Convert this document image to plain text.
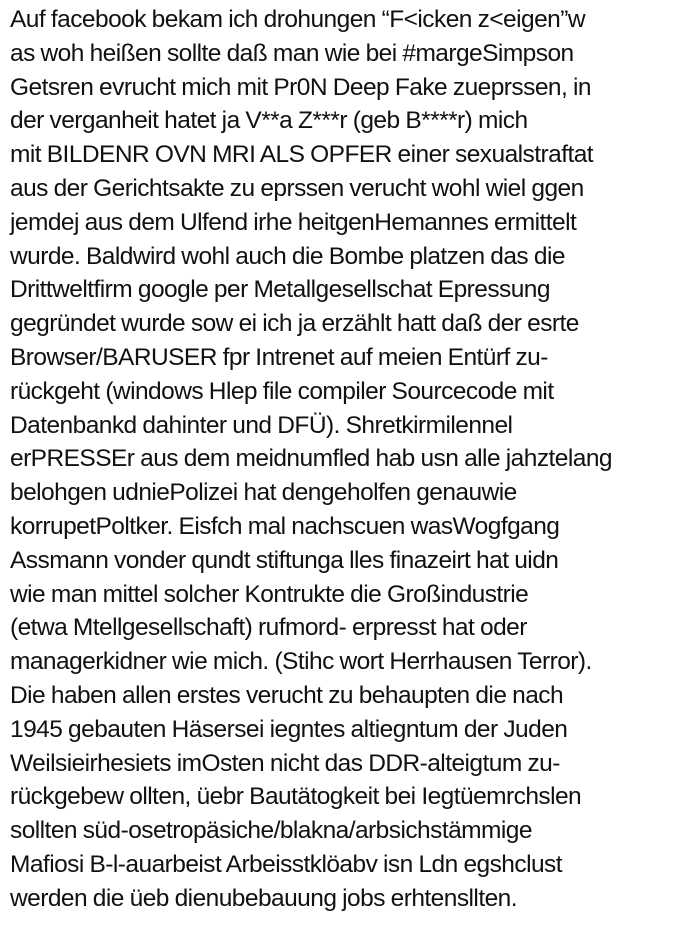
Auf facebook bekam ich drohungen “F<icken z<eigen”w
as woh heißen sollte daß man wie bei #margeSimpson
Getsren evrucht mich mit Pr0N Deep Fake zueprssen, in
der verganheit hatet ja V**a Z***r (geb B****r) mich
mit BILDENR OVN MRI ALS OPFER einer sexualstraftat
aus der Gerichtsakte zu eprssen verucht wohl wiel ggen
jemdej aus dem Ulfend irhe heitgenHemannes ermittelt
wurde. Baldwird wohl auch die Bombe platzen das die
Drittweltfirm google per Metallgesellschat Epressung
gegründet wurde sow ei ich ja erzählt hatt daß der esrte
Browser/BARUSER fpr Intrenet auf meien Entürf zu-
rückgeht (windows Hlep file compiler Sourcecode mit
Datenbankd dahinter und DFÜ). Shretkirmilennel
erPRESSEr aus dem meidnumfled hab usn alle jahztelang
belohgen udniePolizei hat dengeholfen genauwie
korrupetPoltker. Eisfch mal nachscuen wasWogfgang
Assmann vonder qundt stiftunga lles finazeirt hat uidn
wie man mittel solcher Kontrukte die Großindustrie
(etwa Mtellgesellschaft) rufmord- erpresst hat oder
managerkidner wie mich. (Stihc wort Herrhausen Terror).
Die haben allen erstes verucht zu behaupten die nach
1945 gebauten Häsersei iegntes altiegntum der Juden
Weilsieirhesiets imOsten nicht das DDR-alteigtum zu-
rückgebew ollten, üebr Bautätogkeit bei Iegtüemrchslen
sollten süd-osetropäsiche/blakna/arbsichstämmige
Mafiosi B-l-auarbeist Arbeisstklöabv isn Ldn egshclust
werden die üeb dienubebauung jobs erhtensllten.
